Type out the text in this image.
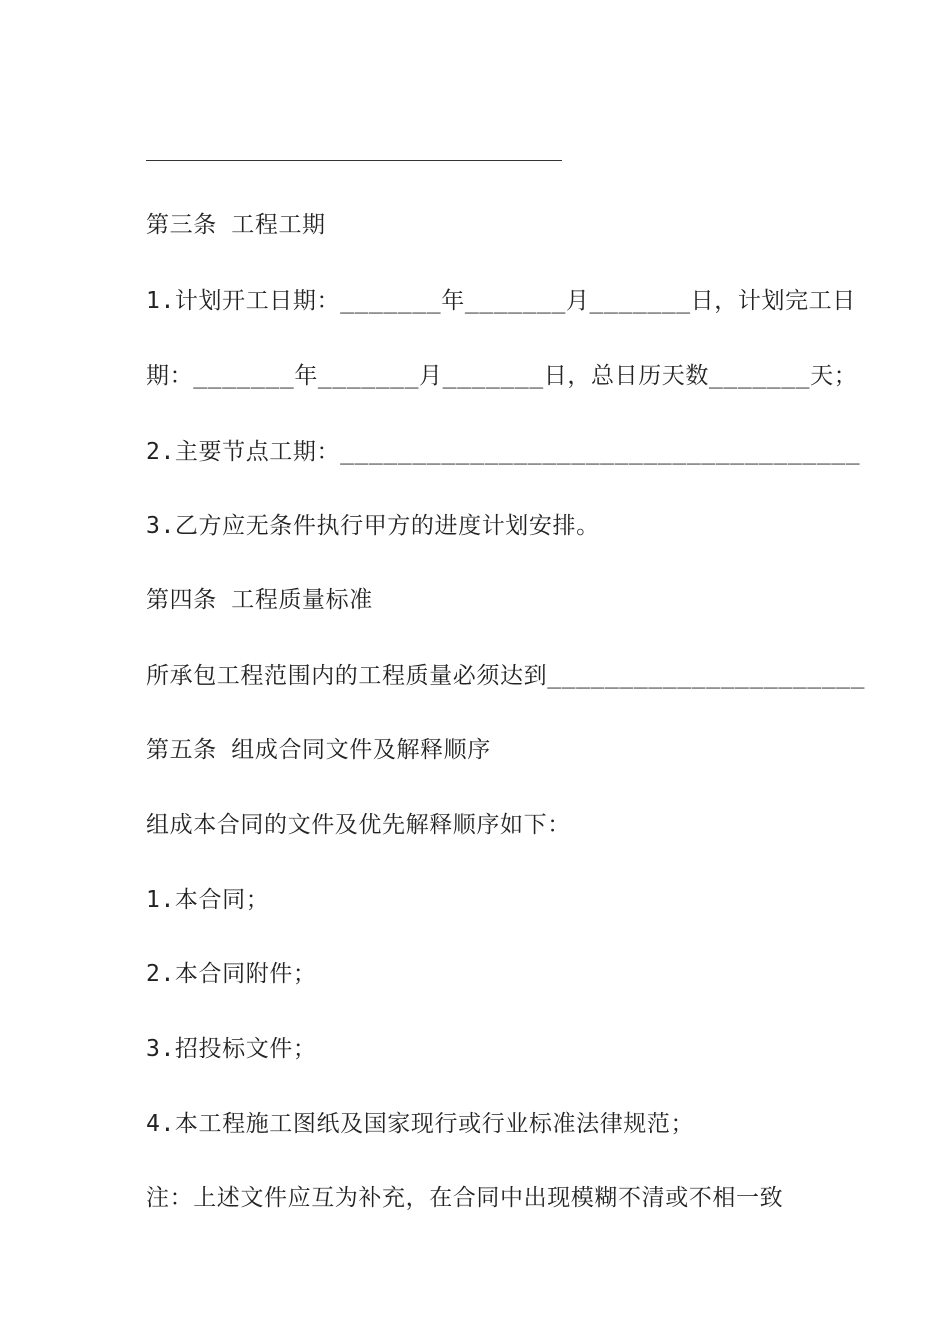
第三条 工程工期
1.计划开工日期：_______年_______月_______日，计划完工日
期：_______年_______月_______日，总日历天数_______天；
2.主要节点工期：____________________________________
3.乙方应无条件执行甲方的进度计划安排。
第四条 工程质量标准
所承包工程范围内的工程质量必须达到______________________
第五条 组成合同文件及解释顺序
组成本合同的文件及优先解释顺序如下：
1.本合同；
2.本合同附件；
3.招投标文件；
4.本工程施工图纸及国家现行或行业标准法律规范；
注：上述文件应互为补充，在合同中出现模糊不清或不相一致
